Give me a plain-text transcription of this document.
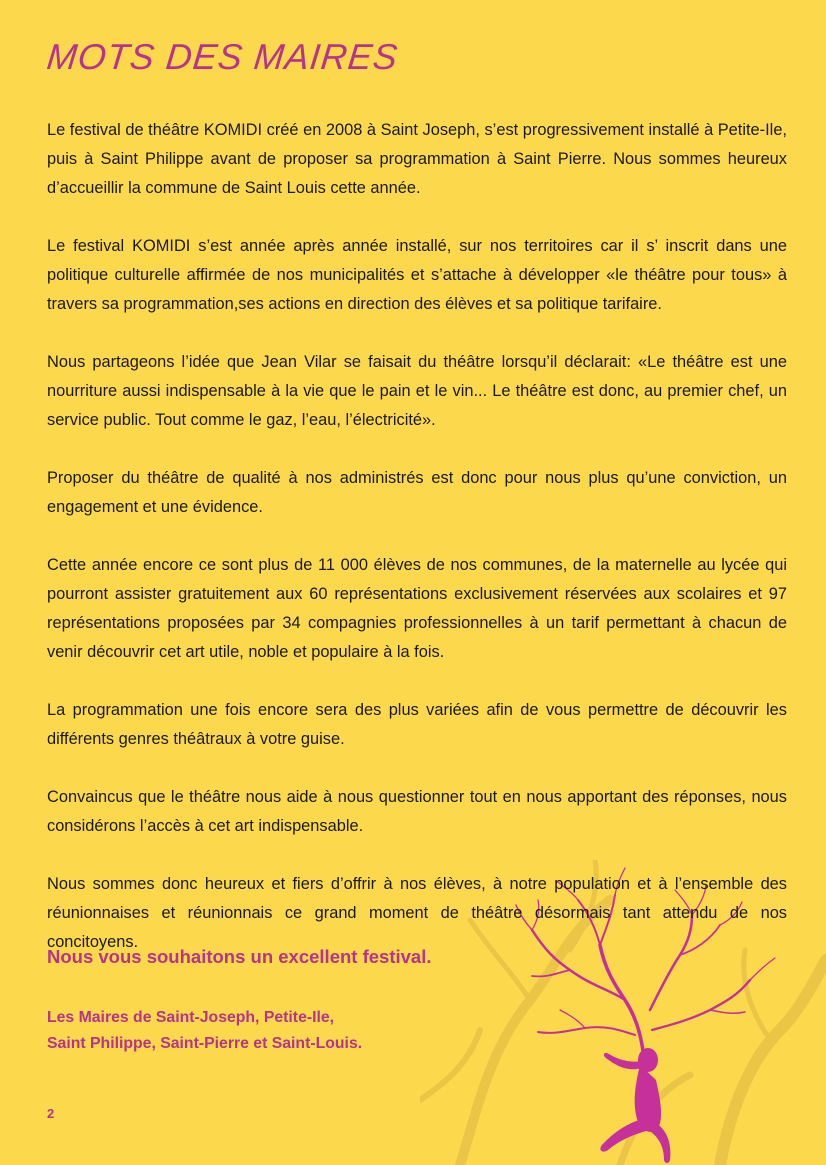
MOTS DES MAIRES

Le festival de théâtre KOMIDI créé en 2008 à Saint Joseph, s’est progressivement installé à Petite-Ile, puis à Saint Philippe avant de proposer sa programmation à Saint Pierre. Nous sommes heureux d’accueillir la commune de Saint Louis cette année.

Le festival KOMIDI s’est année après année installé, sur nos territoires car il s’ inscrit dans une politique culturelle affirmée de nos municipalités et s’attache à développer «le théâtre pour tous» à travers sa programmation,ses actions en direction des élèves et sa politique tarifaire.

Nous partageons l’idée que Jean Vilar se faisait du théâtre lorsqu’il déclarait: «Le théâtre est une nourriture aussi indispensable à la vie que le pain et le vin... Le théâtre est donc, au premier chef, un service public. Tout comme le gaz, l’eau, l’électricité».

Proposer du théâtre de qualité à nos administrés est donc pour nous plus qu’une conviction, un engagement et une évidence.

Cette année encore ce sont plus de 11 000 élèves de nos communes, de la maternelle au lycée qui pourront assister gratuitement aux 60 représentations exclusivement réservées aux scolaires et 97 représentations proposées par 34 compagnies professionnelles à un tarif permettant à chacun de venir découvrir cet art utile, noble et populaire à la fois.

La programmation une fois encore sera des plus variées afin de vous permettre de découvrir les différents genres théâtraux à votre guise.

Convaincus que le théâtre nous aide à nous questionner tout en nous apportant des réponses, nous considérons l’accès à cet art indispensable.

Nous sommes donc heureux et fiers d’offrir à nos élèves, à notre population et à l’ensemble des réunionnaises et réunionnais ce grand moment de théâtre désormais tant attendu de nos concitoyens.

Nous vous souhaitons un excellent festival.
Les Maires de Saint-Joseph, Petite-Ile,
Saint Philippe, Saint-Pierre et Saint-Louis.
2
